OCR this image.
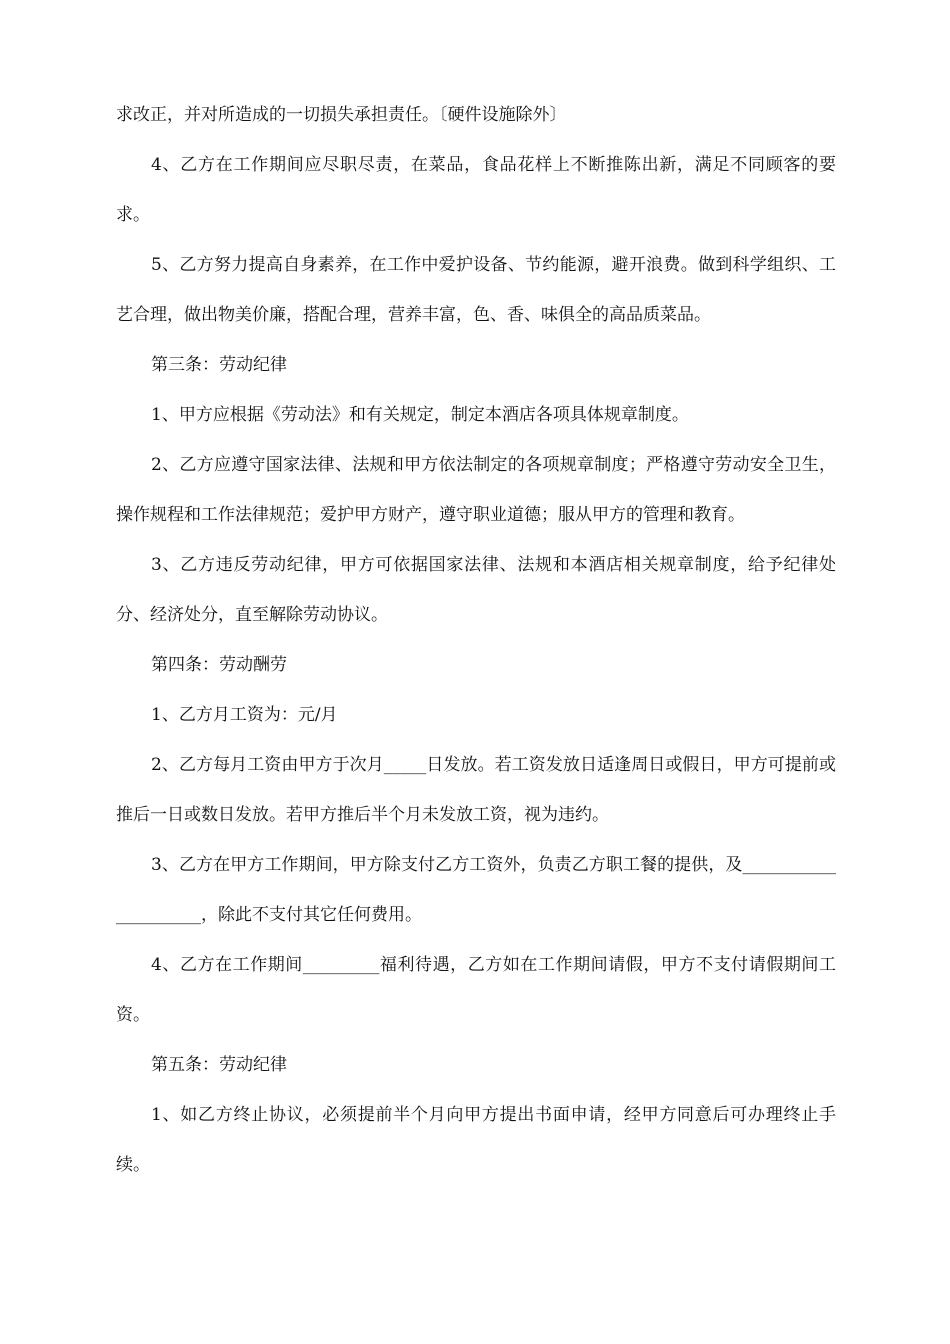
求改正，并对所造成的一切损失承担责任。〔硬件设施除外〕

4、乙方在工作期间应尽职尽责，在菜品，食品花样上不断推陈出新，满足不同顾客的要求。

5、乙方努力提高自身素养，在工作中爱护设备、节约能源，避开浪费。做到科学组织、工艺合理，做出物美价廉，搭配合理，营养丰富，色、香、味俱全的高品质菜品。

第三条：劳动纪律

1、甲方应根据《劳动法》和有关规定，制定本酒店各项具体规章制度。

2、乙方应遵守国家法律、法规和甲方依法制定的各项规章制度；严格遵守劳动安全卫生，操作规程和工作法律规范；爱护甲方财产，遵守职业道德；服从甲方的管理和教育。

3、乙方违反劳动纪律，甲方可依据国家法律、法规和本酒店相关规章制度，给予纪律处分、经济处分，直至解除劳动协议。

第四条：劳动酬劳

1、乙方月工资为：元/月

2、乙方每月工资由甲方于次月_____日发放。若工资发放日适逢周日或假日，甲方可提前或推后一日或数日发放。若甲方推后半个月未发放工资，视为违约。

3、乙方在甲方工作期间，甲方除支付乙方工资外，负责乙方职工餐的提供，及_____________________，除此不支付其它任何费用。

4、乙方在工作期间_________福利待遇，乙方如在工作期间请假，甲方不支付请假期间工资。

第五条：劳动纪律

1、如乙方终止协议，必须提前半个月向甲方提出书面申请，经甲方同意后可办理终止手续。
